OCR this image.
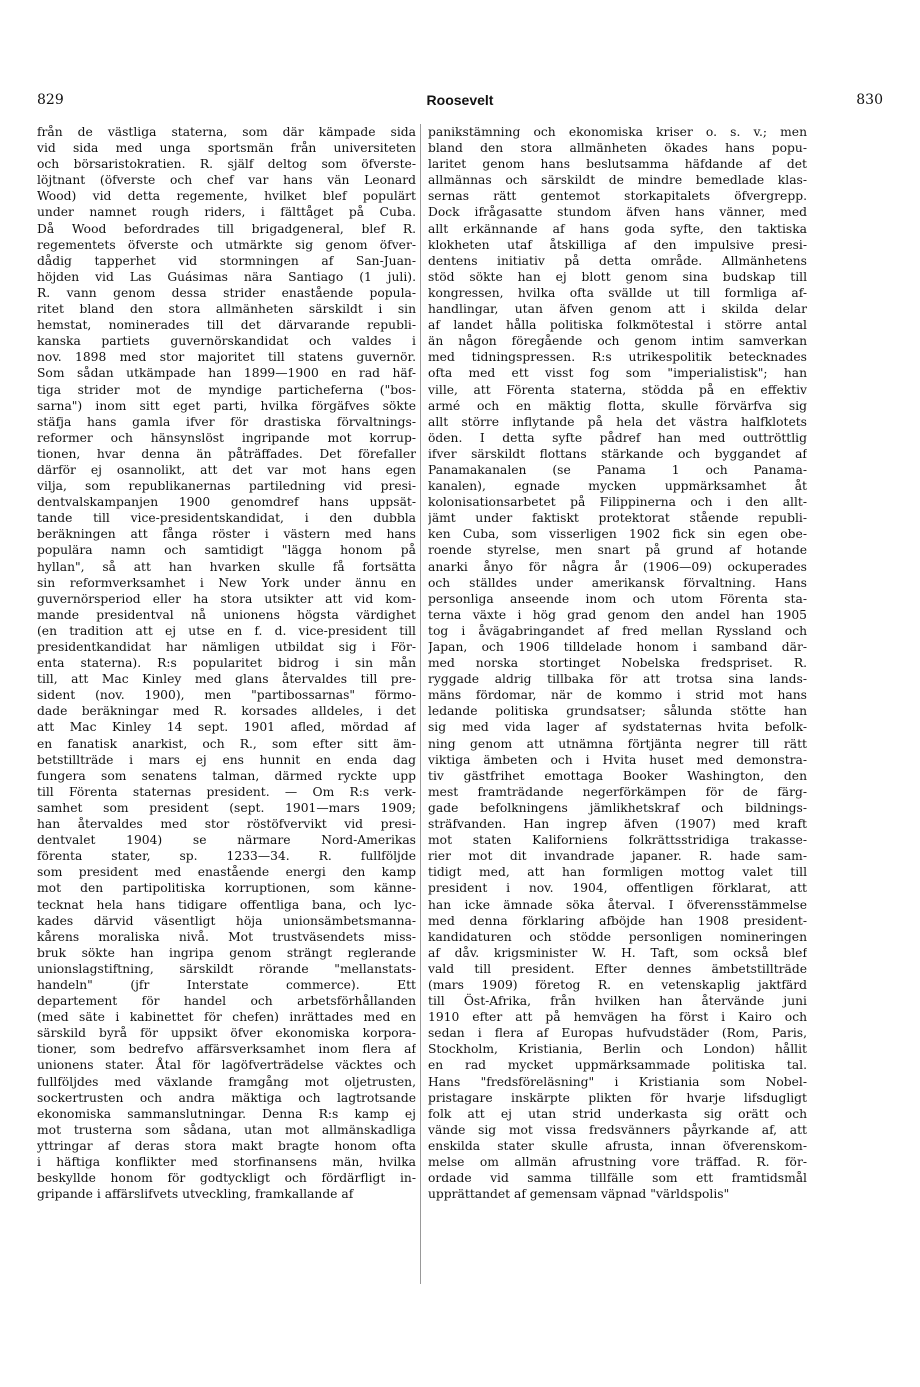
829	Roosevelt	830
från de västliga staterna, som där kämpade sida
vid sida med unga sportsmän från universiteten
och börsaristokratien. R. själf deltog som öfverste-
löjtnant (öfverste och chef var hans vän Leonard
Wood) vid detta regemente, hvilket blef populärt
under namnet rough riders, i fälttåget på Cuba.
Då Wood befordrades till brigadgeneral, blef R.
regementets öfverste och utmärkte sig genom öfver-
dådig tapperhet vid stormningen af San-Juan-
höjden vid Las Guásimas nära Santiago (1 juli).
R. vann genom dessa strider enastående popula-
ritet bland den stora allmänheten särskildt i sin
hemstat, nominerades till det därvarande republi-
kanska partiets guvernörskandidat och valdes i
nov. 1898 med stor majoritet till statens guvernör.
Som sådan utkämpade han 1899—1900 en rad häf-
tiga strider mot de myndige particheferna ("bos-
sarna") inom sitt eget parti, hvilka förgäfves sökte
stäfja hans gamla ifver för drastiska förvaltnings-
reformer och hänsynslöst ingripande mot korrup-
tionen, hvar denna än påträffades. Det förefaller
därför ej osannolikt, att det var mot hans egen
vilja, som republikanernas partiledning vid presi-
dentvalskampanjen 1900 genomdref hans uppsät-
tande till vice-presidentskandidat, i den dubbla
beräkningen att fånga röster i västern med hans
populära namn och samtidigt "lägga honom på
hyllan", så att han hvarken skulle få fortsätta
sin reformverksamhet i New York under ännu en
guvernörsperiod eller ha stora utsikter att vid kom-
mande presidentval nå unionens högsta värdighet
(en tradition att ej utse en f. d. vice-president till
presidentkandidat har nämligen utbildat sig i För-
enta staterna). R:s popularitet bidrog i sin mån
till, att Mac Kinley med glans återvaldes till pre-
sident (nov. 1900), men "partibossarnas" förmo-
dade beräkningar med R. korsades alldeles, i det
att Mac Kinley 14 sept. 1901 afled, mördad af
en fanatisk anarkist, och R., som efter sitt äm-
betstillträde i mars ej ens hunnit en enda dag
fungera som senatens talman, därmed ryckte upp
till Förenta staternas president. — Om R:s verk-
samhet som president (sept. 1901—mars 1909;
han återvaldes med stor röstöfvervikt vid presi-
dentvalet 1904) se närmare Nord-Amerikas
förenta stater, sp. 1233—34. R. fullföljde
som president med enastående energi den kamp
mot den partipolitiska korruptionen, som känne-
tecknat hela hans tidigare offentliga bana, och lyc-
kades därvid väsentligt höja unionsämbetsmanna-
kårens moraliska nivå. Mot trustväsendets miss-
bruk sökte han ingripa genom strängt reglerande
unionslagstiftning, särskildt rörande "mellanstats-
handeln" (jfr Interstate commerce). Ett
departement för handel och arbetsförhållanden
(med säte i kabinettet för chefen) inrättades med en
särskild byrå för uppsikt öfver ekonomiska korpora-
tioner, som bedrefvo affärsverksamhet inom flera af
unionens stater. Åtal för lagöfverträdelse väcktes och
fullföljdes med växlande framgång mot oljetrusten,
sockertrusten och andra mäktiga och lagtrotsande
ekonomiska sammanslutningar. Denna R:s kamp ej
mot trusterna som sådana, utan mot allmänskadliga
yttringar af deras stora makt bragte honom ofta
i häftiga konflikter med storfinansens män, hvilka
beskyllde honom för godtyckligt och fördärfligt in-
gripande i affärslifvets utveckling, framkallande af
panikstämning och ekonomiska kriser o. s. v.; men
bland den stora allmänheten ökades hans popu-
laritet genom hans beslutsamma häfdande af det
allmännas och särskildt de mindre bemedlade klas-
sernas rätt gentemot storkapitalets öfvergrepp.
Dock ifrågasatte stundom äfven hans vänner, med
allt erkännande af hans goda syfte, den taktiska
klokheten utaf åtskilliga af den impulsive presi-
dentens initiativ på detta område. Allmänhetens
stöd sökte han ej blott genom sina budskap till
kongressen, hvilka ofta svällde ut till formliga af-
handlingar, utan äfven genom att i skilda delar
af landet hålla politiska folkmötestal i större antal
än någon föregående och genom intim samverkan
med tidningspressen. R:s utrikespolitik betecknades
ofta med ett visst fog som "imperialistisk"; han
ville, att Förenta staterna, stödda på en effektiv
armé och en mäktig flotta, skulle förvärfva sig
allt större inflytande på hela det västra halfklotets
öden. I detta syfte pådref han med outtröttlig
ifver särskildt flottans stärkande och byggandet af
Panamakanalen (se Panama 1 och Panama-
kanalen), egnade mycken uppmärksamhet åt
kolonisationsarbetet på Filippinerna och i den allt-
jämt under faktiskt protektorat stående republi-
ken Cuba, som visserligen 1902 fick sin egen obe-
roende styrelse, men snart på grund af hotande
anarki ånyo för några år (1906—09) ockuperades
och ställdes under amerikansk förvaltning. Hans
personliga anseende inom och utom Förenta sta-
terna växte i hög grad genom den andel han 1905
tog i åvägabringandet af fred mellan Ryssland och
Japan, och 1906 tilldelade honom i samband där-
med norska stortinget Nobelska fredspriset. R.
ryggade aldrig tillbaka för att trotsa sina lands-
mäns fördomar, när de kommo i strid mot hans
ledande politiska grundsatser; sålunda stötte han
sig med vida lager af sydstaternas hvita befolk-
ning genom att utnämna förtjänta negrer till rätt
viktiga ämbeten och i Hvita huset med demonstra-
tiv gästfrihet emottaga Booker Washington, den
mest framträdande negerförkämpen för de färg-
gade befolkningens jämlikhetskraf och bildnings-
sträfvanden. Han ingrep äfven (1907) med kraft
mot staten Kaliforniens folkrättsstridiga trakasse-
rier mot dit invandrade japaner. R. hade sam-
tidigt med, att han formligen mottog valet till
president i nov. 1904, offentligen förklarat, att
han icke ämnade söka återval. I öfverensstämmelse
med denna förklaring afböjde han 1908 president-
kandidaturen och stödde personligen nomineringen
af dåv. krigsminister W. H. Taft, som också blef
vald till president. Efter dennes ämbetstillträde
(mars 1909) företog R. en vetenskaplig jaktfärd
till Öst-Afrika, från hvilken han återvände juni
1910 efter att på hemvägen ha först i Kairo och
sedan i flera af Europas hufvudstäder (Rom, Paris,
Stockholm, Kristiania, Berlin och London) hållit
en rad mycket uppmärksammade politiska tal.
Hans "fredsföreläsning" i Kristiania som Nobel-
pristagare inskärpte plikten för hvarje lifsdugligt
folk att ej utan strid underkasta sig orätt och
vände sig mot vissa fredsvänners påyrkande af, att
enskilda stater skulle afrusta, innan öfverenskom-
melse om allmän afrustning vore träffad. R. för-
ordade vid samma tillfälle som ett framtidsmål
upprättandet af gemensam väpnad "världspolis"
